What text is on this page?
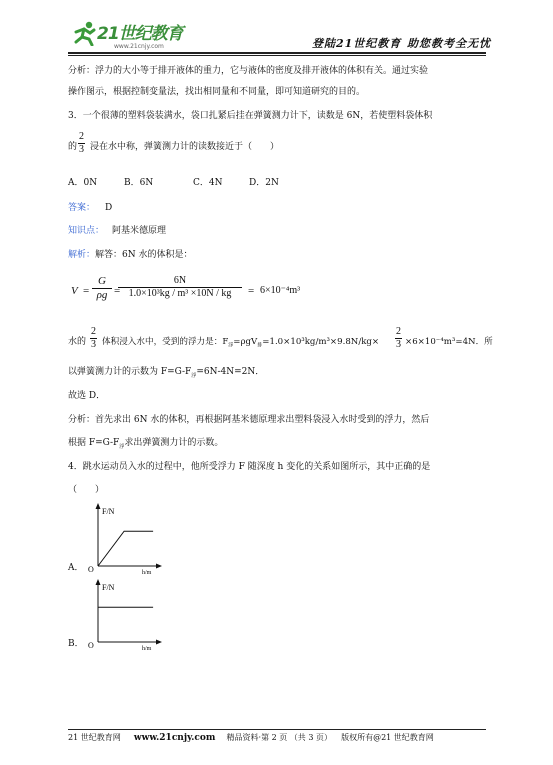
21世纪教育
www.21cnjy.com	登陆21世纪教育 助您教考全无忧
分析：浮力的大小等于排开液体的重力，它与液体的密度及排开液体的体积有关。通过实验
操作图示，根据控制变量法，找出相同量和不同量，即可知道研究的目的。
3．一个很薄的塑料袋装满水，袋口扎紧后挂在弹簧测力计下，读数是 6N，若使塑料袋体积
的 $\frac{2}{3}$ 浸在水中称，弹簧测力计的读数接近于（　　）
A．0N	B．6N	C．4N	D．2N
答案： D
知识点： 阿基米德原理
解析：解答：6N 水的体积是：
$V = \frac{G}{\rho g}$ =
$\frac{6N}{\text{1.0×10³kg / m³ ×10N / kg}} = 6\times 10^{-4}m^3$
水的 $\frac{2}{3}$ 体积浸入水中，受到的浮力是：$F_浮=\rho gV_排=1.0\times 10^3kg/m^3\times 9.8N/kg\times \frac{2}{3} \times 6\times 10^{-4}m^3=4N$．所
以弹簧测力计的示数为 $F=G-F_浮=6N-4N=2N$．
故选 D．
分析：首先求出 6N 水的体积，再根据阿基米德原理求出塑料袋浸入水时受到的浮力，然后
根据 $F=G-F_浮$求出弹簧测力计的示数。
4．跳水运动员入水的过程中，他所受浮力 F 随深度 h 变化的关系如图所示，其中正确的是
（　　）
A．
F/N
O	h/m
B．
F/N
O	h/m
21 世纪教育网 www.21cnjy.com 精品资料·第 2 页 （共 3 页） 版权所有@21 世纪教育网
